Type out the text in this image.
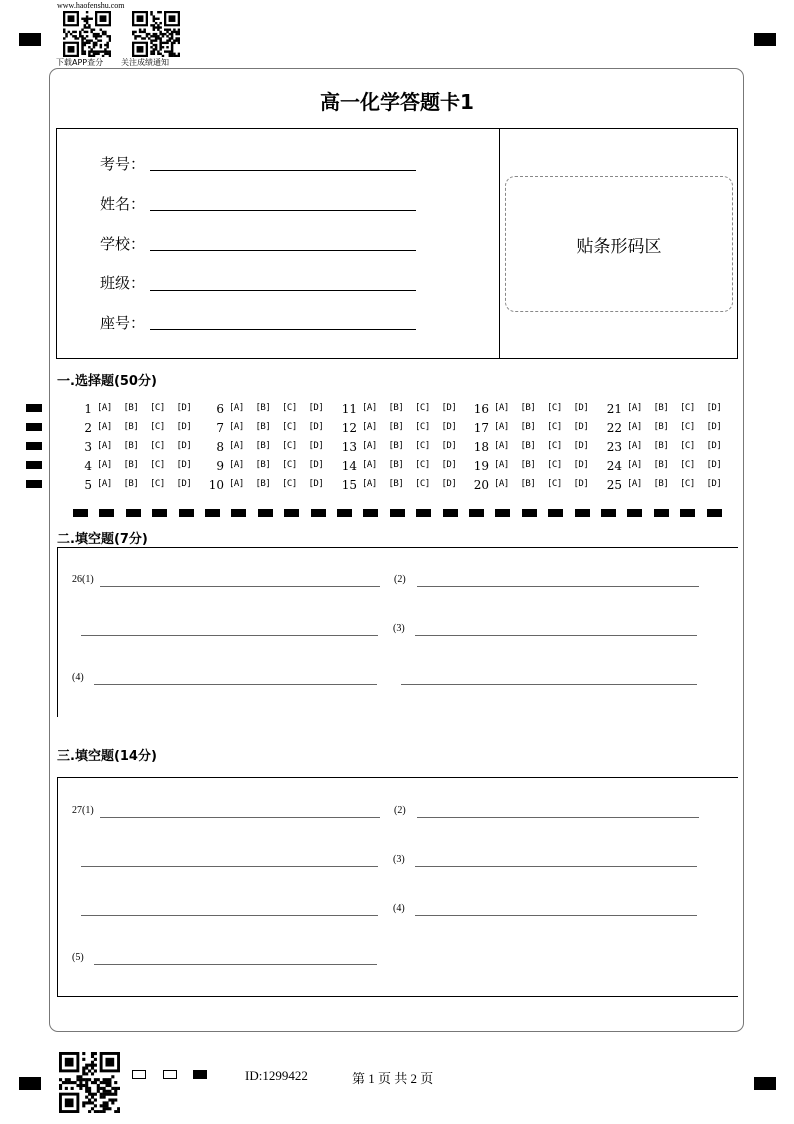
www.haofenshu.com
下载APP查分 关注成绩通知
高一化学答题卡1
考号：
姓名：
学校：
班级：
座号：
贴条形码区
一.选择题(50分)
二.填空题(7分)
26(1)	(2)
(3)
(4)
三.填空题(14分)
27(1)	(2)
(3)
(4)
(5)
ID:1299422	第 1 页 共 2 页
1 [A] [B] [C] [D]
2 [A] [B] [C] [D]
3 [A] [B] [C] [D]
4 [A] [B] [C] [D]
5 [A] [B] [C] [D]
6 [A] [B] [C] [D]
7 [A] [B] [C] [D]
8 [A] [B] [C] [D]
9 [A] [B] [C] [D]
10 [A] [B] [C] [D]
11 [A] [B] [C] [D]
12 [A] [B] [C] [D]
13 [A] [B] [C] [D]
14 [A] [B] [C] [D]
15 [A] [B] [C] [D]
16 [A] [B] [C] [D]
17 [A] [B] [C] [D]
18 [A] [B] [C] [D]
19 [A] [B] [C] [D]
20 [A] [B] [C] [D]
21 [A] [B] [C] [D]
22 [A] [B] [C] [D]
23 [A] [B] [C] [D]
24 [A] [B] [C] [D]
25 [A] [B] [C] [D]
